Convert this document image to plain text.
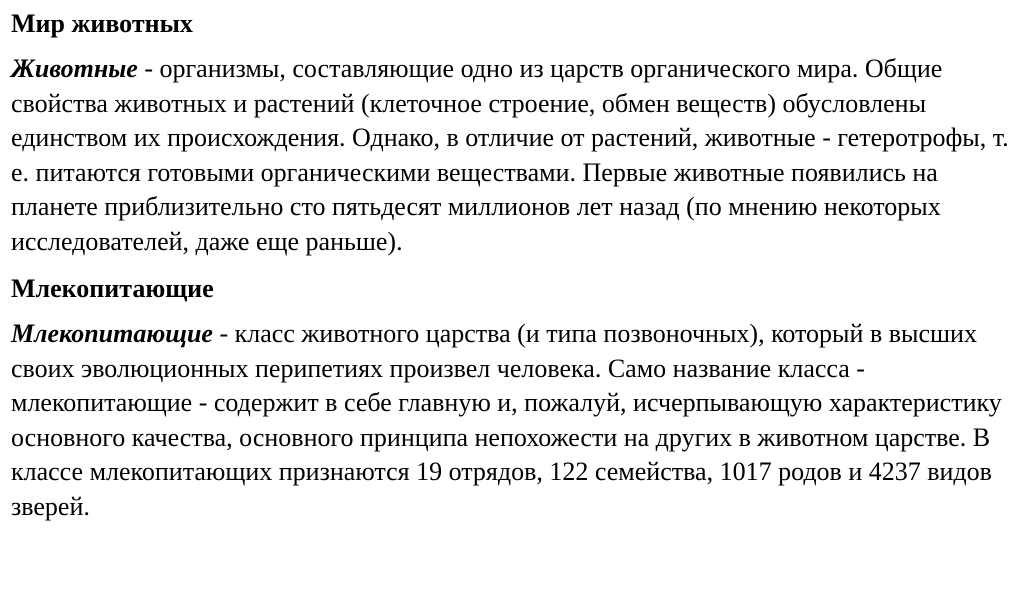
Мир животных

Животные - организмы, составляющие одно из царств органического мира. Общие свойства животных и растений (клеточное строение, обмен веществ) обусловлены единством их происхождения. Однако, в отличие от растений, животные - гетеротрофы, т. е. питаются готовыми органическими веществами. Первые животные появились на планете приблизительно сто пятьдесят миллионов лет назад (по мнению некоторых исследователей, даже еще раньше).

Млекопитающие

Млекопитающие - класс животного царства (и типа позвоночных), который в высших своих эволюционных перипетиях произвел человека. Само название класса - млекопитающие - содержит в себе главную и, пожалуй, исчерпывающую характеристику основного качества, основного принципа непохожести на других в животном царстве. В классе млекопитающих признаются 19 отрядов, 122 семейства, 1017 родов и 4237 видов зверей.
